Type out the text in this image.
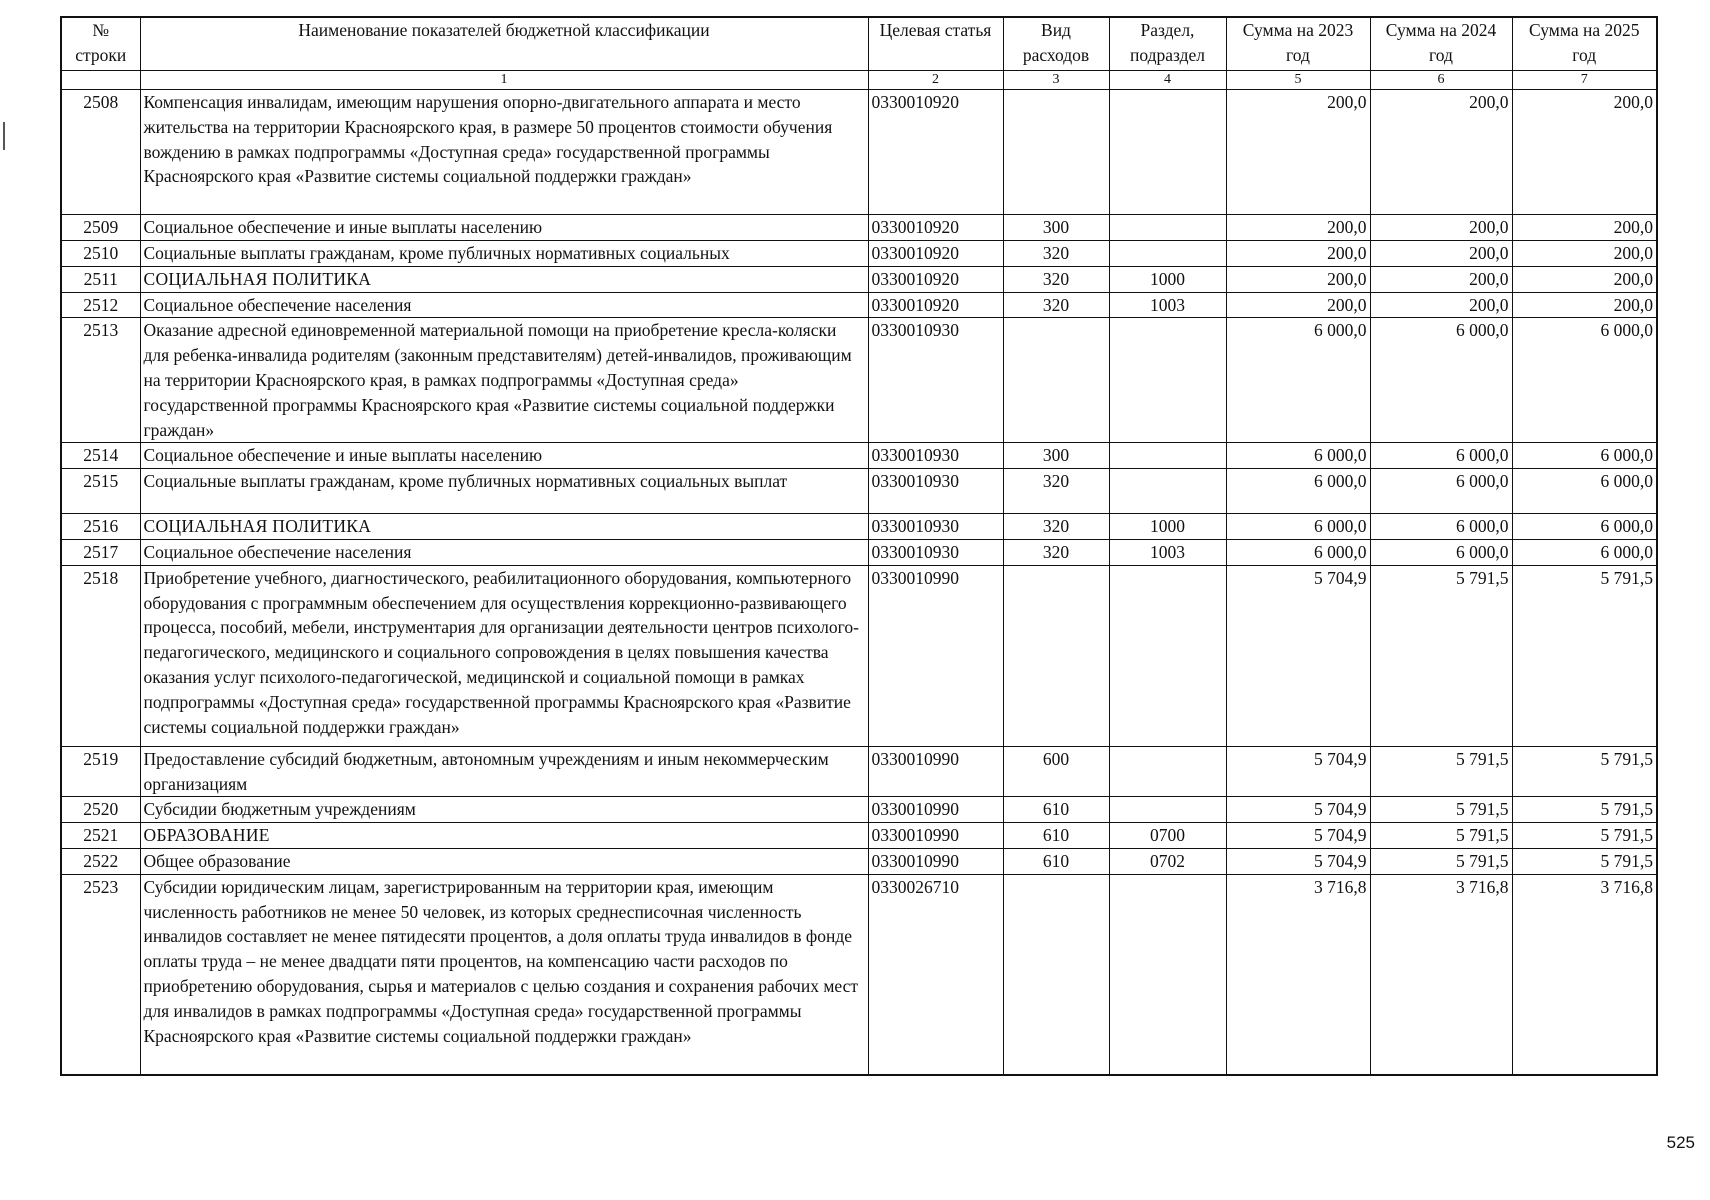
№ строки	Наименование показателей бюджетной классификации	Целевая статья	Вид расходов	Раздел, подраздел	Сумма на 2023 год	Сумма на 2024 год	Сумма на 2025 год
	1	2	3	4	5	6	7
2508	Компенсация инвалидам, имеющим нарушения опорно-двигательного аппарата и место жительства на территории Красноярского края, в размере 50 процентов стоимости обучения вождению в рамках подпрограммы «Доступная среда» государственной программы Красноярского края «Развитие системы социальной поддержки граждан»	0330010920			200,0	200,0	200,0
2509	Социальное обеспечение и иные выплаты населению	0330010920	300		200,0	200,0	200,0
2510	Социальные выплаты гражданам, кроме публичных нормативных социальных	0330010920	320		200,0	200,0	200,0
2511	СОЦИАЛЬНАЯ ПОЛИТИКА	0330010920	320	1000	200,0	200,0	200,0
2512	Социальное обеспечение населения	0330010920	320	1003	200,0	200,0	200,0
2513	Оказание адресной единовременной материальной помощи на приобретение кресла-коляски для ребенка-инвалида родителям (законным представителям) детей-инвалидов, проживающим на территории Красноярского края, в рамках подпрограммы «Доступная среда» государственной программы Красноярского края «Развитие системы социальной поддержки граждан»	0330010930			6 000,0	6 000,0	6 000,0
2514	Социальное обеспечение и иные выплаты населению	0330010930	300		6 000,0	6 000,0	6 000,0
2515	Социальные выплаты гражданам, кроме публичных нормативных социальных выплат	0330010930	320		6 000,0	6 000,0	6 000,0
2516	СОЦИАЛЬНАЯ ПОЛИТИКА	0330010930	320	1000	6 000,0	6 000,0	6 000,0
2517	Социальное обеспечение населения	0330010930	320	1003	6 000,0	6 000,0	6 000,0
2518	Приобретение учебного, диагностического, реабилитационного оборудования, компьютерного оборудования с программным обеспечением для осуществления коррекционно-развивающего процесса, пособий, мебели, инструментария для организации деятельности центров психолого-педагогического, медицинского и социального сопровождения в целях повышения качества оказания услуг психолого-педагогической, медицинской и социальной помощи в рамках подпрограммы «Доступная среда» государственной программы Красноярского края «Развитие системы социальной поддержки граждан»	0330010990			5 704,9	5 791,5	5 791,5
2519	Предоставление субсидий бюджетным, автономным учреждениям и иным некоммерческим организациям	0330010990	600		5 704,9	5 791,5	5 791,5
2520	Субсидии бюджетным учреждениям	0330010990	610		5 704,9	5 791,5	5 791,5
2521	ОБРАЗОВАНИЕ	0330010990	610	0700	5 704,9	5 791,5	5 791,5
2522	Общее образование	0330010990	610	0702	5 704,9	5 791,5	5 791,5
2523	Субсидии юридическим лицам, зарегистрированным на территории края, имеющим численность работников не менее 50 человек, из которых среднесписочная численность инвалидов составляет не менее пятидесяти процентов, а доля оплаты труда инвалидов в фонде оплаты труда – не менее двадцати пяти процентов, на компенсацию части расходов по приобретению оборудования, сырья и материалов с целью создания и сохранения рабочих мест для инвалидов в рамках подпрограммы «Доступная среда» государственной программы Красноярского края «Развитие системы социальной поддержки граждан»	0330026710			3 716,8	3 716,8	3 716,8
525
